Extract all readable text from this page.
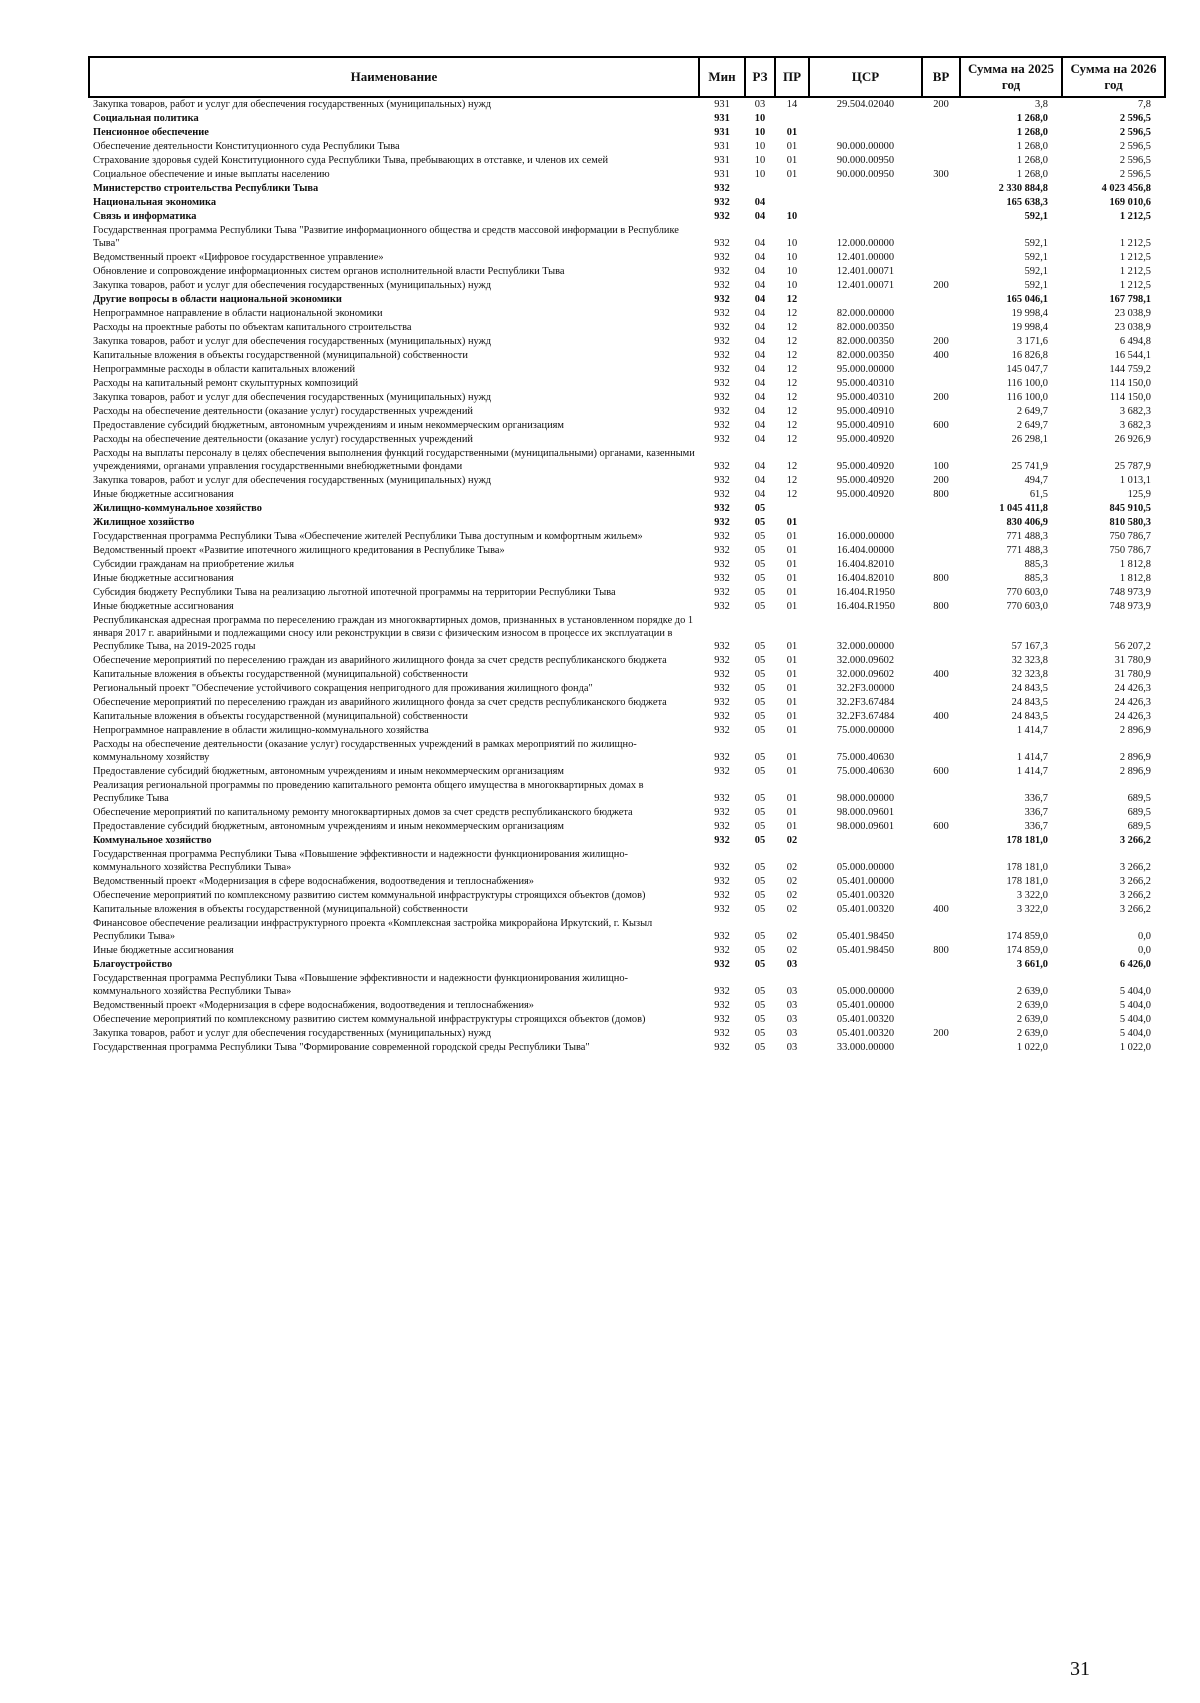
Наименование	Мин	РЗ	ПР	ЦСР	ВР	Сумма на 2025 год	Сумма на 2026 год
Закупка товаров, работ и услуг для обеспечения государственных (муниципальных) нужд	931	03	14	29.504.02040	200	3,8	7,8
Социальная политика	931	10				1 268,0	2 596,5
Пенсионное обеспечение	931	10	01			1 268,0	2 596,5
Обеспечение деятельности Конституционного суда Республики Тыва	931	10	01	90.000.00000		1 268,0	2 596,5
Страхование здоровья судей Конституционного суда Республики Тыва, пребывающих в отставке, и членов их семей	931	10	01	90.000.00950		1 268,0	2 596,5
Социальное обеспечение и иные выплаты населению	931	10	01	90.000.00950	300	1 268,0	2 596,5
Министерство строительства Республики Тыва	932					2 330 884,8	4 023 456,8
Национальная экономика	932	04				165 638,3	169 010,6
Связь и информатика	932	04	10			592,1	1 212,5
Государственная программа Республики Тыва "Развитие информационного общества и средств массовой информации в Республике Тыва"	932	04	10	12.000.00000		592,1	1 212,5
Ведомственный проект «Цифровое государственное управление»	932	04	10	12.401.00000		592,1	1 212,5
Обновление и сопровождение информационных систем органов исполнительной власти Республики Тыва	932	04	10	12.401.00071		592,1	1 212,5
Закупка товаров, работ и услуг для обеспечения государственных (муниципальных) нужд	932	04	10	12.401.00071	200	592,1	1 212,5
Другие вопросы в области национальной экономики	932	04	12			165 046,1	167 798,1
Непрограммное направление в области национальной экономики	932	04	12	82.000.00000		19 998,4	23 038,9
Расходы на проектные работы по объектам капитального строительства	932	04	12	82.000.00350		19 998,4	23 038,9
Закупка товаров, работ и услуг для обеспечения государственных (муниципальных) нужд	932	04	12	82.000.00350	200	3 171,6	6 494,8
Капитальные вложения в объекты государственной (муниципальной) собственности	932	04	12	82.000.00350	400	16 826,8	16 544,1
Непрограммные расходы в области капитальных вложений	932	04	12	95.000.00000		145 047,7	144 759,2
Расходы на капитальный ремонт скульптурных композиций	932	04	12	95.000.40310		116 100,0	114 150,0
Закупка товаров, работ и услуг для обеспечения государственных (муниципальных) нужд	932	04	12	95.000.40310	200	116 100,0	114 150,0
Расходы на обеспечение деятельности (оказание услуг) государственных учреждений	932	04	12	95.000.40910		2 649,7	3 682,3
Предоставление субсидий бюджетным, автономным учреждениям и иным некоммерческим организациям	932	04	12	95.000.40910	600	2 649,7	3 682,3
Расходы на обеспечение деятельности (оказание услуг) государственных учреждений	932	04	12	95.000.40920		26 298,1	26 926,9
Расходы на выплаты персоналу в целях обеспечения выполнения функций государственными (муниципальными) органами, казенными учреждениями, органами управления государственными внебюджетными фондами	932	04	12	95.000.40920	100	25 741,9	25 787,9
Закупка товаров, работ и услуг для обеспечения государственных (муниципальных) нужд	932	04	12	95.000.40920	200	494,7	1 013,1
Иные бюджетные ассигнования	932	04	12	95.000.40920	800	61,5	125,9
Жилищно-коммунальное хозяйство	932	05				1 045 411,8	845 910,5
Жилищное хозяйство	932	05	01			830 406,9	810 580,3
Государственная программа Республики Тыва «Обеспечение жителей Республики Тыва доступным и комфортным жильем»	932	05	01	16.000.00000		771 488,3	750 786,7
Ведомственный проект «Развитие ипотечного жилищного кредитования в Республике Тыва»	932	05	01	16.404.00000		771 488,3	750 786,7
Субсидии гражданам на приобретение жилья	932	05	01	16.404.82010		885,3	1 812,8
Иные бюджетные ассигнования	932	05	01	16.404.82010	800	885,3	1 812,8
Субсидия бюджету Республики Тыва на реализацию льготной ипотечной программы на территории Республики Тыва	932	05	01	16.404.R1950		770 603,0	748 973,9
Иные бюджетные ассигнования	932	05	01	16.404.R1950	800	770 603,0	748 973,9
Республиканская адресная программа по переселению граждан из многоквартирных домов, признанных в установленном порядке до 1 января 2017 г. аварийными и подлежащими сносу или реконструкции в связи с физическим износом в процессе их эксплуатации в Республике Тыва, на 2019-2025 годы	932	05	01	32.000.00000		57 167,3	56 207,2
Обеспечение мероприятий по переселению граждан из аварийного жилищного фонда за счет средств республиканского бюджета	932	05	01	32.000.09602		32 323,8	31 780,9
Капитальные вложения в объекты государственной (муниципальной) собственности	932	05	01	32.000.09602	400	32 323,8	31 780,9
Региональный проект "Обеспечение устойчивого сокращения непригодного для проживания жилищного фонда"	932	05	01	32.2F3.00000		24 843,5	24 426,3
Обеспечение мероприятий по переселению граждан из аварийного жилищного фонда за счет средств республиканского бюджета	932	05	01	32.2F3.67484		24 843,5	24 426,3
Капитальные вложения в объекты государственной (муниципальной) собственности	932	05	01	32.2F3.67484	400	24 843,5	24 426,3
Непрограммное направление в области жилищно-коммунального хозяйства	932	05	01	75.000.00000		1 414,7	2 896,9
Расходы на обеспечение деятельности (оказание услуг) государственных учреждений в рамках мероприятий по жилищно-коммунальному хозяйству	932	05	01	75.000.40630		1 414,7	2 896,9
Предоставление субсидий бюджетным, автономным учреждениям и иным некоммерческим организациям	932	05	01	75.000.40630	600	1 414,7	2 896,9
Реализация региональной программы по проведению капитального ремонта общего имущества в многоквартирных домах в Республике Тыва	932	05	01	98.000.00000		336,7	689,5
Обеспечение мероприятий по капитальному ремонту многоквартирных домов за счет средств республиканского бюджета	932	05	01	98.000.09601		336,7	689,5
Предоставление субсидий бюджетным, автономным учреждениям и иным некоммерческим организациям	932	05	01	98.000.09601	600	336,7	689,5
Коммунальное хозяйство	932	05	02			178 181,0	3 266,2
Государственная программа Республики Тыва «Повышение эффективности и надежности функционирования жилищно-коммунального хозяйства Республики Тыва»	932	05	02	05.000.00000		178 181,0	3 266,2
Ведомственный проект «Модернизация в сфере водоснабжения, водоотведения и теплоснабжения»	932	05	02	05.401.00000		178 181,0	3 266,2
Обеспечение мероприятий по комплексному развитию систем коммунальной инфраструктуры строящихся объектов (домов)	932	05	02	05.401.00320		3 322,0	3 266,2
Капитальные вложения в объекты государственной (муниципальной) собственности	932	05	02	05.401.00320	400	3 322,0	3 266,2
Финансовое обеспечение реализации инфраструктурного проекта «Комплексная застройка микрорайона Иркутский, г. Кызыл Республики Тыва»	932	05	02	05.401.98450		174 859,0	0,0
Иные бюджетные ассигнования	932	05	02	05.401.98450	800	174 859,0	0,0
Благоустройство	932	05	03			3 661,0	6 426,0
Государственная программа Республики Тыва «Повышение эффективности и надежности функционирования жилищно-коммунального хозяйства Республики Тыва»	932	05	03	05.000.00000		2 639,0	5 404,0
Ведомственный проект «Модернизация в сфере водоснабжения, водоотведения и теплоснабжения»	932	05	03	05.401.00000		2 639,0	5 404,0
Обеспечение мероприятий по комплексному развитию систем коммунальной инфраструктуры строящихся объектов (домов)	932	05	03	05.401.00320		2 639,0	5 404,0
Закупка товаров, работ и услуг для обеспечения государственных (муниципальных) нужд	932	05	03	05.401.00320	200	2 639,0	5 404,0
Государственная программа Республики Тыва "Формирование современной городской среды Республики Тыва"	932	05	03	33.000.00000		1 022,0	1 022,0
31
